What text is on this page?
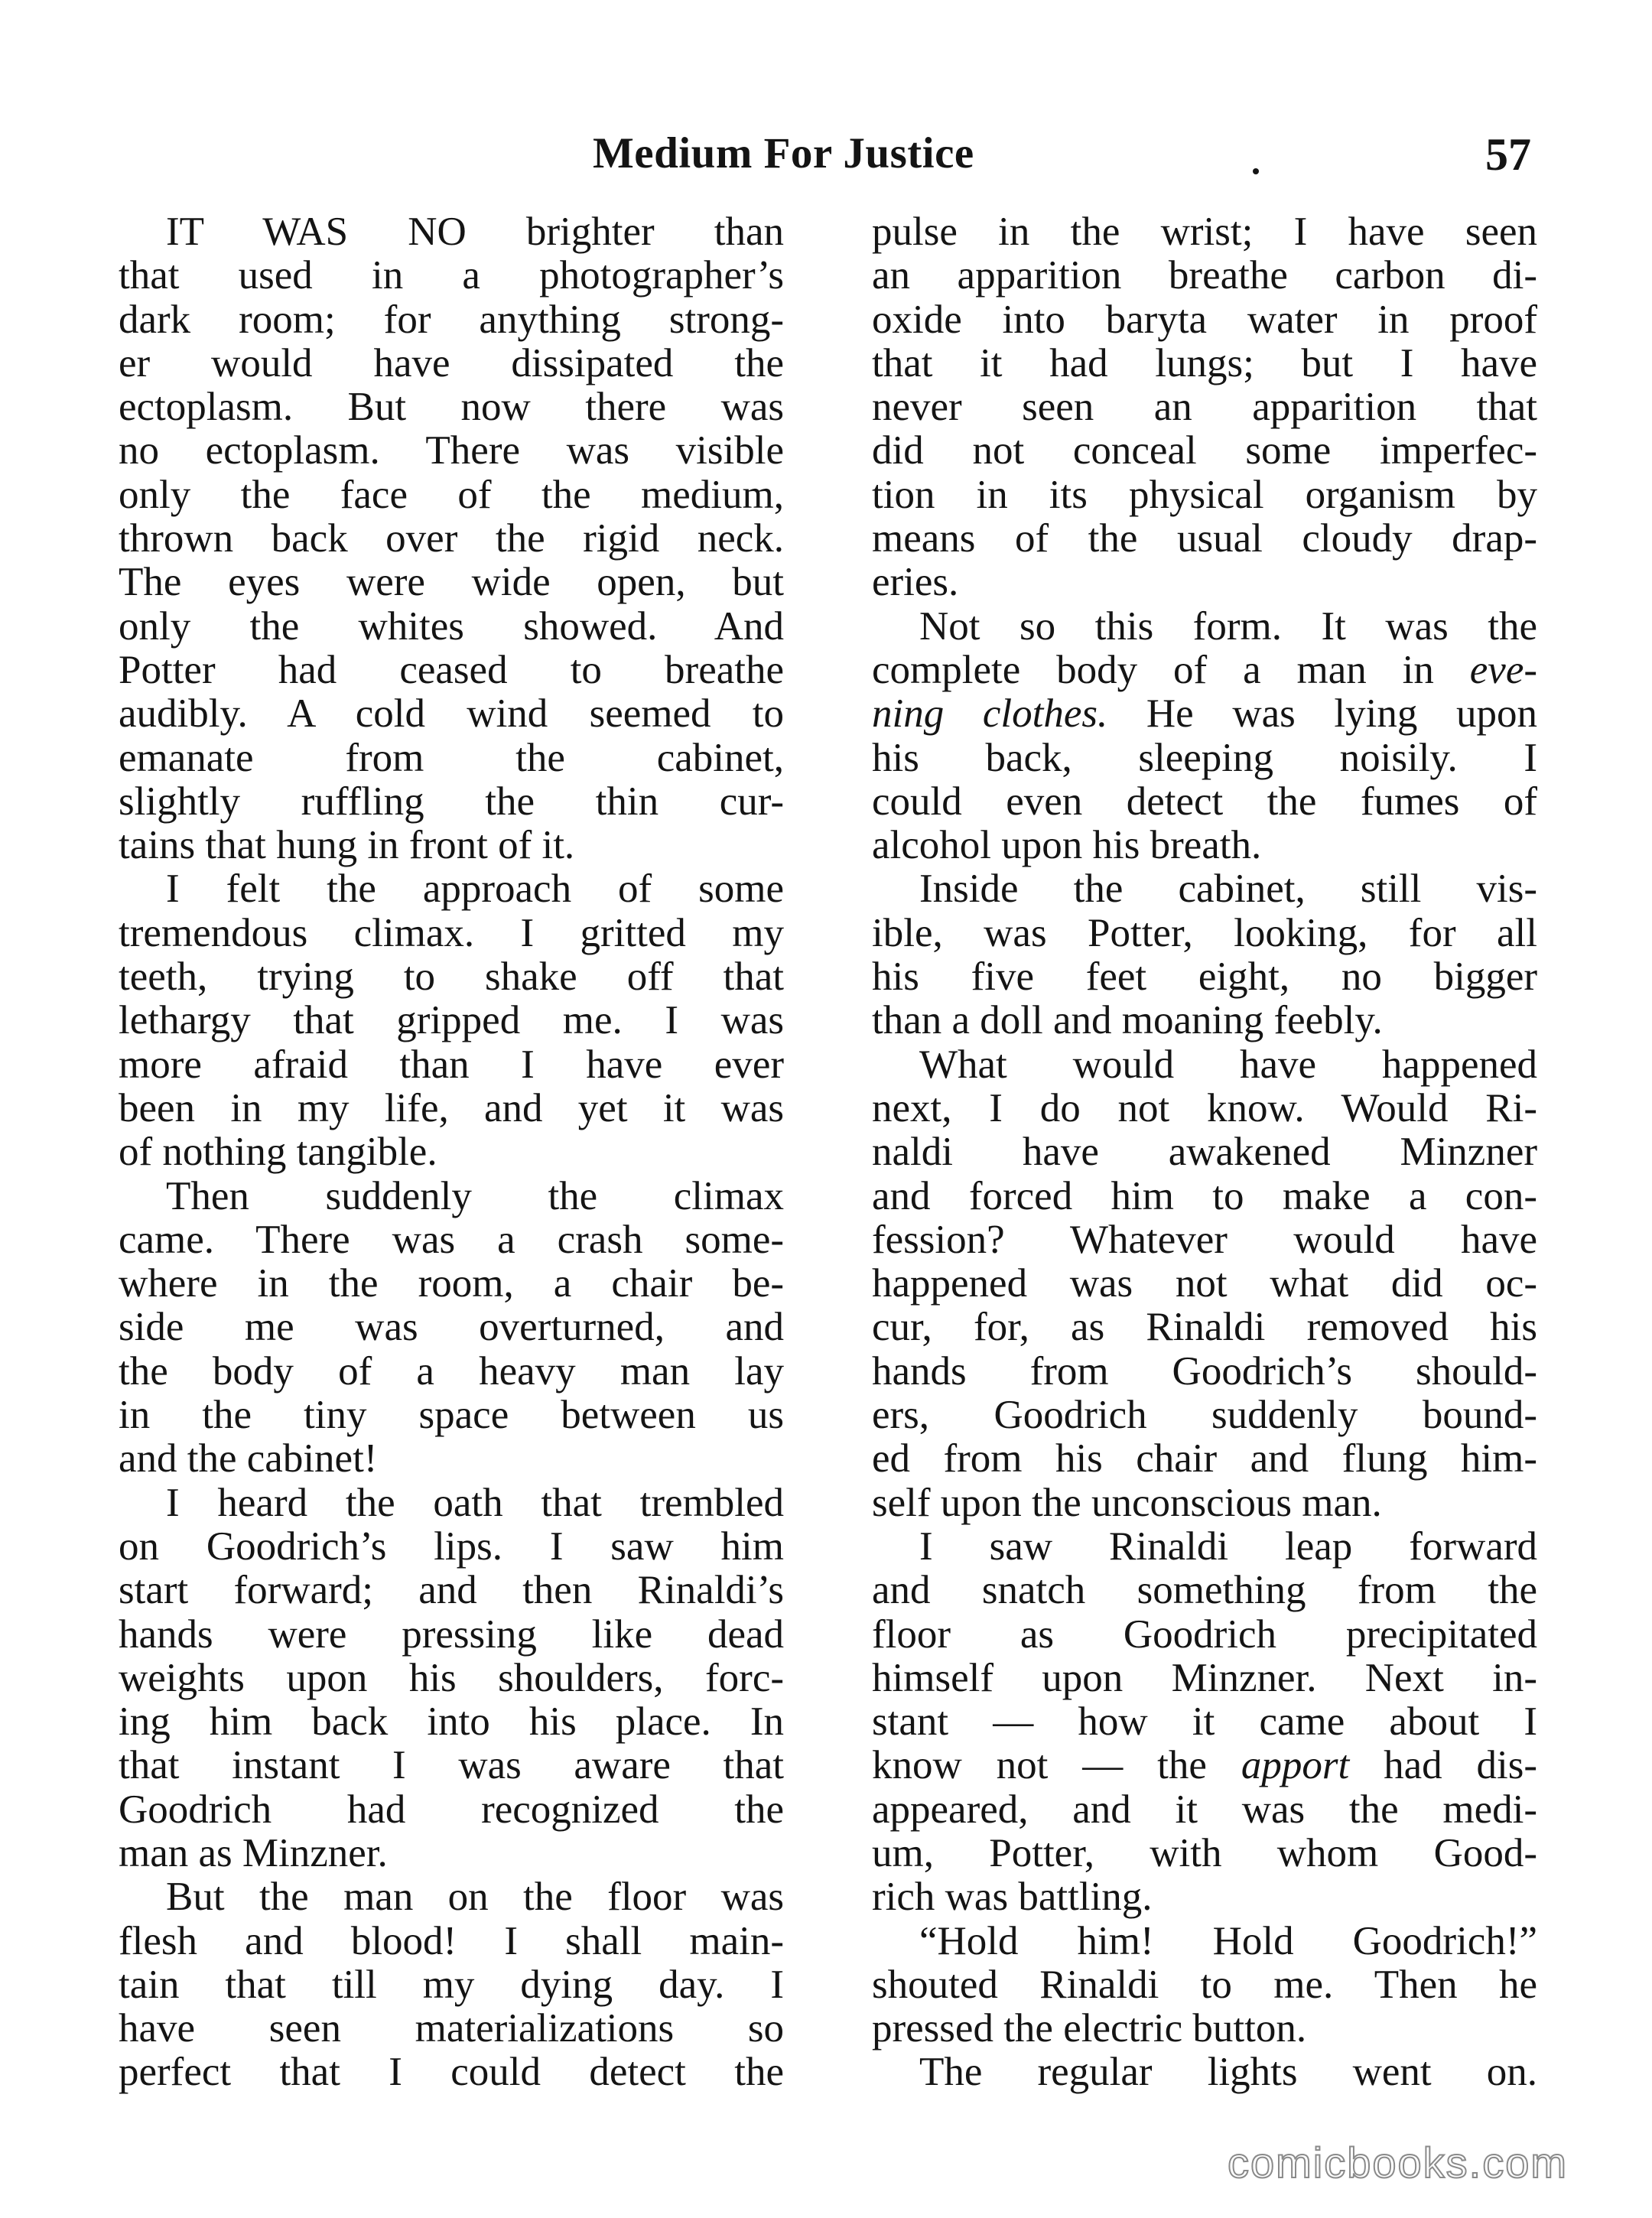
Medium For Justice	57
IT WAS NO brighter than
that used in a photographer’s
dark room; for anything strong-
er would have dissipated the
ectoplasm. But now there was
no ectoplasm. There was visible
only the face of the medium,
thrown back over the rigid neck.
The eyes were wide open, but
only the whites showed. And
Potter had ceased to breathe
audibly. A cold wind seemed to
emanate from the cabinet,
slightly ruffling the thin cur-
tains that hung in front of it.
I felt the approach of some
tremendous climax. I gritted my
teeth, trying to shake off that
lethargy that gripped me. I was
more afraid than I have ever
been in my life, and yet it was
of nothing tangible.
Then suddenly the climax
came. There was a crash some-
where in the room, a chair be-
side me was overturned, and
the body of a heavy man lay
in the tiny space between us
and the cabinet!
I heard the oath that trembled
on Goodrich’s lips. I saw him
start forward; and then Rinaldi’s
hands were pressing like dead
weights upon his shoulders, forc-
ing him back into his place. In
that instant I was aware that
Goodrich had recognized the
man as Minzner.
But the man on the floor was
flesh and blood! I shall main-
tain that till my dying day. I
have seen materializations so
perfect that I could detect the
pulse in the wrist; I have seen
an apparition breathe carbon di-
oxide into baryta water in proof
that it had lungs; but I have
never seen an apparition that
did not conceal some imperfec-
tion in its physical organism by
means of the usual cloudy drap-
eries.
Not so this form. It was the
complete body of a man in eve-
ning clothes. He was lying upon
his back, sleeping noisily. I
could even detect the fumes of
alcohol upon his breath.
Inside the cabinet, still vis-
ible, was Potter, looking, for all
his five feet eight, no bigger
than a doll and moaning feebly.
What would have happened
next, I do not know. Would Ri-
naldi have awakened Minzner
and forced him to make a con-
fession? Whatever would have
happened was not what did oc-
cur, for, as Rinaldi removed his
hands from Goodrich’s should-
ers, Goodrich suddenly bound-
ed from his chair and flung him-
self upon the unconscious man.
I saw Rinaldi leap forward
and snatch something from the
floor as Goodrich precipitated
himself upon Minzner. Next in-
stant — how it came about I
know not — the apport had dis-
appeared, and it was the medi-
um, Potter, with whom Good-
rich was battling.
“Hold him! Hold Goodrich!”
shouted Rinaldi to me. Then he
pressed the electric button.
The regular lights went on.
comicbooks.com
